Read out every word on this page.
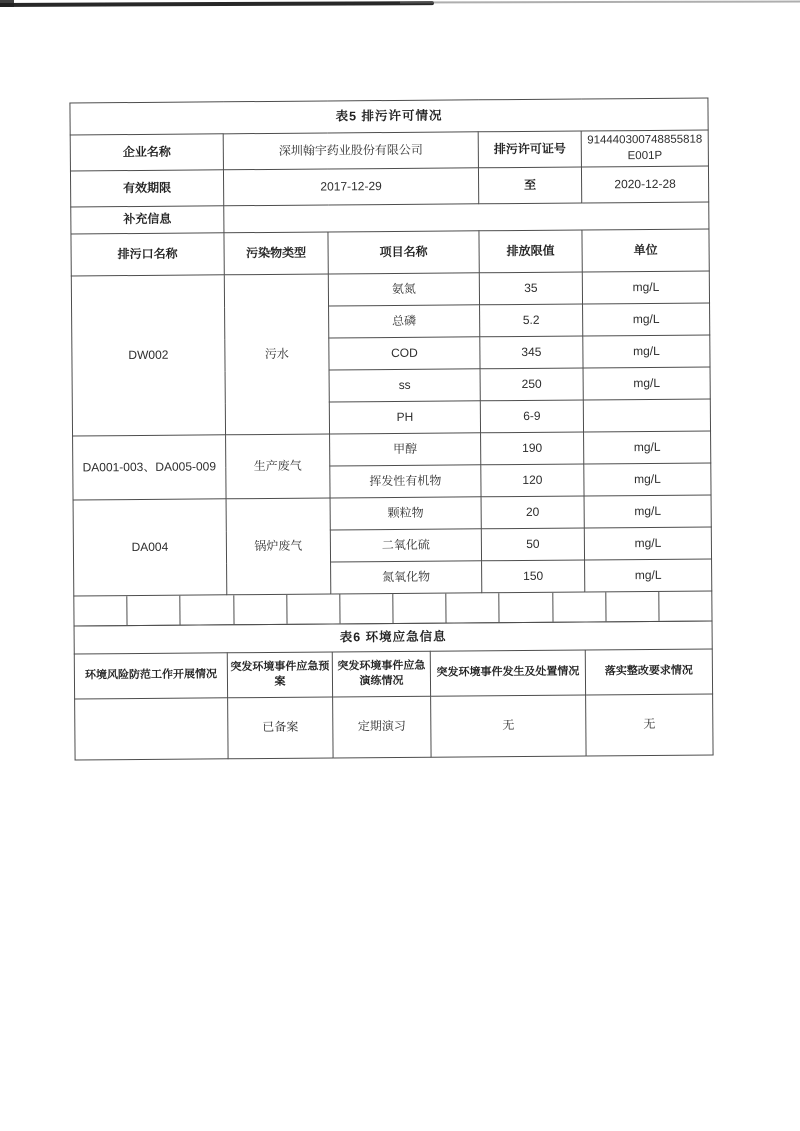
表5 排污许可情况				
企业名称	深圳翰宇药业股份有限公司		排污许可证号	914440300748855818E001P
有效期限	2017-12-29		至	2020-12-28
补充信息				
排污口名称	污染物类型	项目名称	排放限值	单位
DW002	污水	氨氮	35	mg/L
		总磷	5.2	mg/L
		COD	345	mg/L
		ss	250	mg/L
		PH	6-9	
DA001-003、DA005-009	生产废气	甲醇	190	mg/L
		挥发性有机物	120	mg/L
DA004	锅炉废气	颗粒物	20	mg/L
		二氧化硫	50	mg/L
		氮氧化物	150	mg/L

表6 环境应急信息				
环境风险防范工作开展情况	突发环境事件应急预案	突发环境事件应急演练情况	突发环境事件发生及处置情况	落实整改要求情况
	已备案	定期演习	无	无
